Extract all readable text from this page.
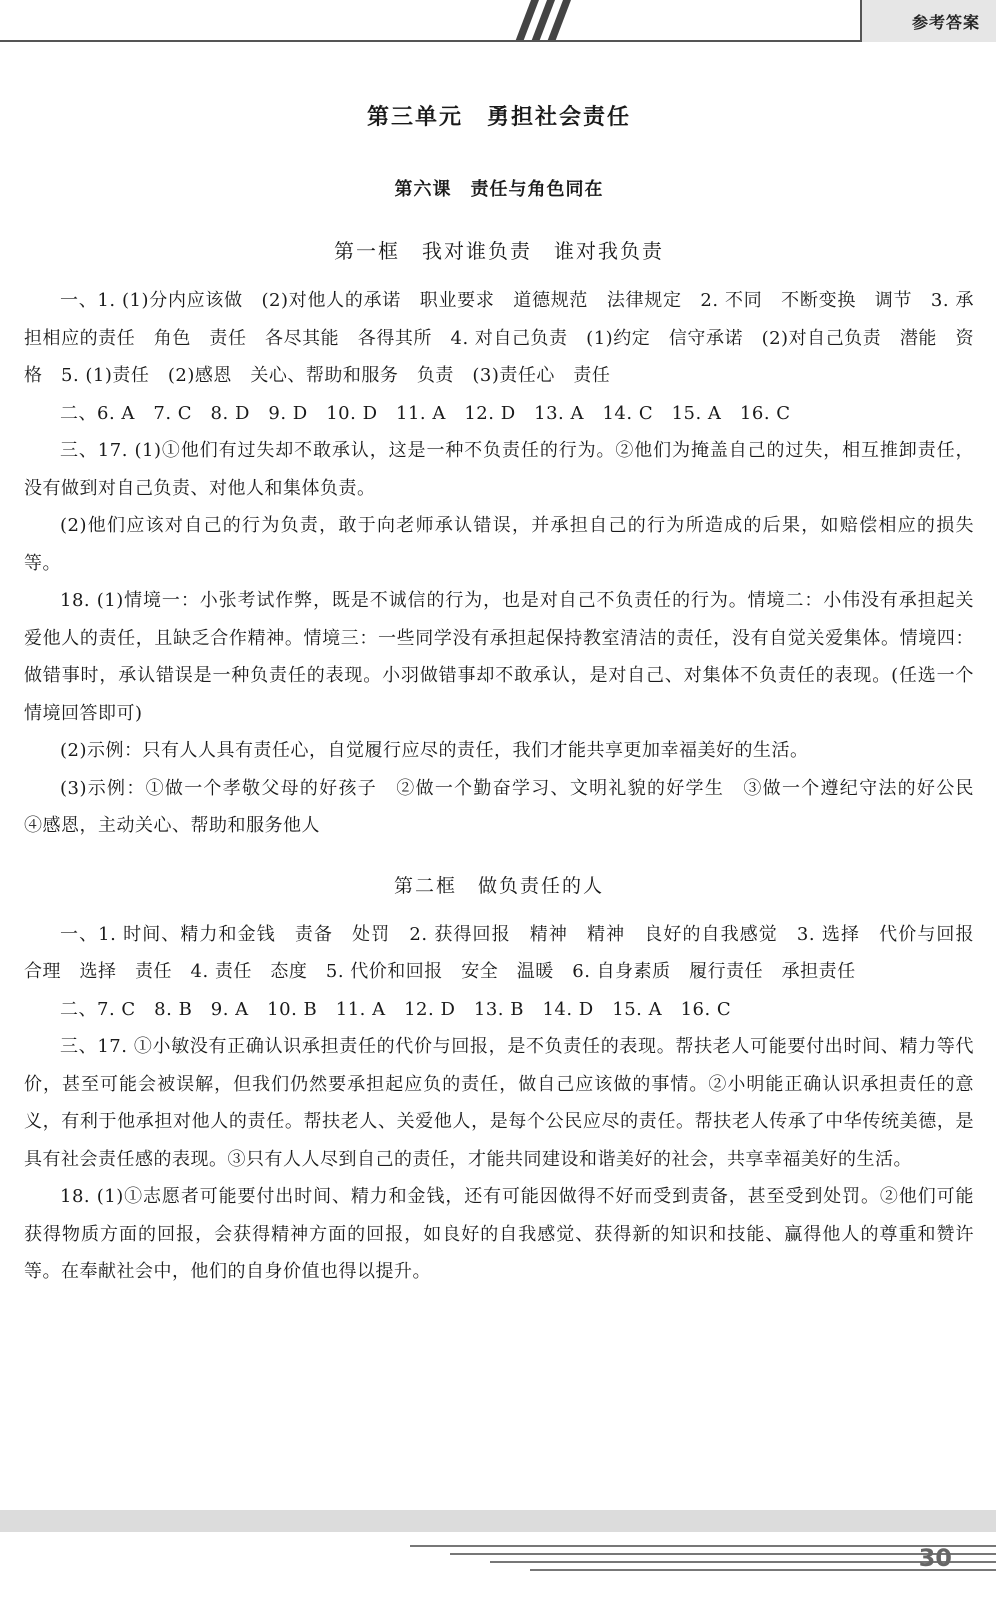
参考答案
第三单元　勇担社会责任
第六课　责任与角色同在
第一框　我对谁负责　谁对我负责

一、1. (1)分内应该做　(2)对他人的承诺　职业要求　道德规范　法律规定　2. 不同　不断变换　调节　3. 承担相应的责任　角色　责任　各尽其能　各得其所　4. 对自己负责　(1)约定　信守承诺　(2)对自己负责　潜能　资格　5. (1)责任　(2)感恩　关心、帮助和服务　负责　(3)责任心　责任

二、6. A　7. C　8. D　9. D　10. D　11. A　12. D　13. A　14. C　15. A　16. C

三、17. (1)①他们有过失却不敢承认，这是一种不负责任的行为。②他们为掩盖自己的过失，相互推卸责任，没有做到对自己负责、对他人和集体负责。

(2)他们应该对自己的行为负责，敢于向老师承认错误，并承担自己的行为所造成的后果，如赔偿相应的损失等。

18. (1)情境一：小张考试作弊，既是不诚信的行为，也是对自己不负责任的行为。情境二：小伟没有承担起关爱他人的责任，且缺乏合作精神。情境三：一些同学没有承担起保持教室清洁的责任，没有自觉关爱集体。情境四：做错事时，承认错误是一种负责任的表现。小羽做错事却不敢承认，是对自己、对集体不负责任的表现。(任选一个情境回答即可)

(2)示例：只有人人具有责任心，自觉履行应尽的责任，我们才能共享更加幸福美好的生活。

(3)示例：①做一个孝敬父母的好孩子　②做一个勤奋学习、文明礼貌的好学生　③做一个遵纪守法的好公民　④感恩，主动关心、帮助和服务他人

第二框　做负责任的人

一、1. 时间、精力和金钱　责备　处罚　2. 获得回报　精神　精神　良好的自我感觉　3. 选择　代价与回报　合理　选择　责任　4. 责任　态度　5. 代价和回报　安全　温暖　6. 自身素质　履行责任　承担责任

二、7. C　8. B　9. A　10. B　11. A　12. D　13. B　14. D　15. A　16. C

三、17. ①小敏没有正确认识承担责任的代价与回报，是不负责任的表现。帮扶老人可能要付出时间、精力等代价，甚至可能会被误解，但我们仍然要承担起应负的责任，做自己应该做的事情。②小明能正确认识承担责任的意义，有利于他承担对他人的责任。帮扶老人、关爱他人，是每个公民应尽的责任。帮扶老人传承了中华传统美德，是具有社会责任感的表现。③只有人人尽到自己的责任，才能共同建设和谐美好的社会，共享幸福美好的生活。

18. (1)①志愿者可能要付出时间、精力和金钱，还有可能因做得不好而受到责备，甚至受到处罚。②他们可能获得物质方面的回报，会获得精神方面的回报，如良好的自我感觉、获得新的知识和技能、赢得他人的尊重和赞许等。在奉献社会中，他们的自身价值也得以提升。

30
